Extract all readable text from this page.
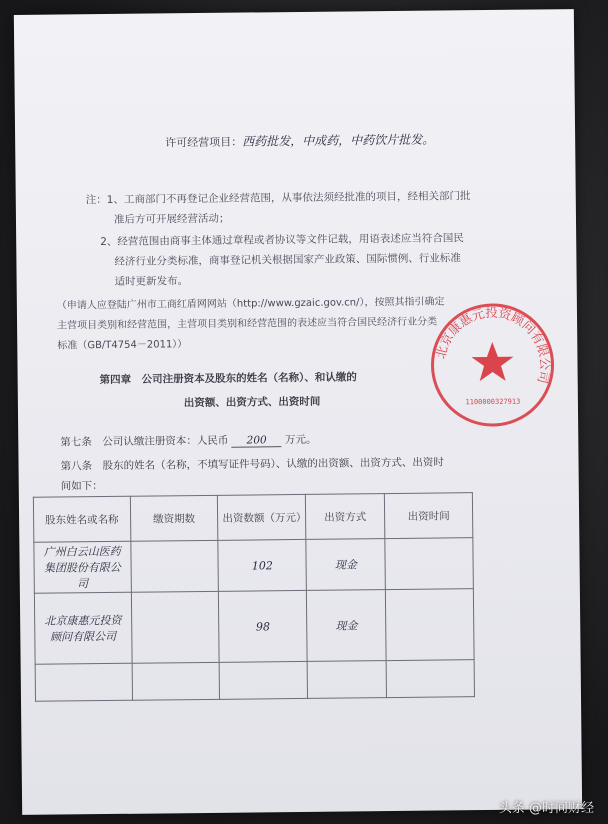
许可经营项目：西药批发，中成药，中药饮片批发。
注：1、工商部门不再登记企业经营范围，从事依法须经批准的项目，经相关部门批
准后方可开展经营活动；
2、经营范围由商事主体通过章程或者协议等文件记载，用语表述应当符合国民
经济行业分类标准，商事登记机关根据国家产业政策、国际惯例、行业标准
适时更新发布。
（申请人应登陆广州市工商红盾网网站（http://www.gzaic.gov.cn/），按照其指引确定
主营项目类别和经营范围，主营项目类别和经营范围的表述应当符合国民经济行业分类
标准（GB/T4754－2011））
第四章　公司注册资本及股东的姓名（名称）、和认缴的
出资额、出资方式、出资时间
第七条　公司认缴注册资本：人民币 200 万元。
第八条　股东的姓名（名称，不填写证件号码）、认缴的出资额、出资方式、出资时
间如下：
股东姓名或名称	缴资期数	出资数额（万元）	出资方式	出资时间
广州白云山医药集团股份有限公司		102	现金	
北京康惠元投资顾问有限公司		98	现金	

北京康惠元投资顾问有限公司
1100000327913
头条 @时间财经
